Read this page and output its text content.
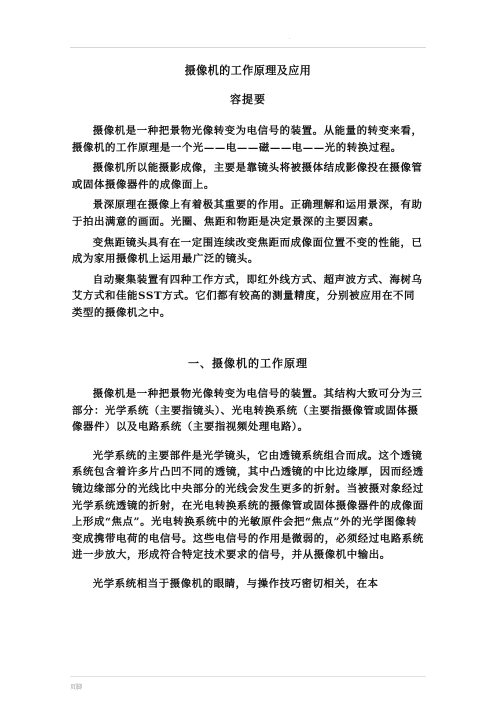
.
摄像机的工作原理及应用
容提要

摄像机是一种把景物光像转变为电信号的装置。从能量的转变来看，摄像机的工作原理是一个光——电——磁——电——光的转换过程。

摄像机所以能摄影成像，主要是靠镜头将被摄体结成影像投在摄像管或固体摄像器件的成像面上。

景深原理在摄像上有着极其重要的作用。正确理解和运用景深，有助于拍出满意的画面。光圈、焦距和物距是决定景深的主要因素。

变焦距镜头具有在一定围连续改变焦距而成像面位置不变的性能，已成为家用摄像机上运用最广泛的镜头。

自动聚集装置有四种工作方式，即红外线方式、超声波方式、海树乌艾方式和佳能SST方式。它们都有较高的测量精度，分别被应用在不同类型的摄像机之中。

一、摄像机的工作原理

摄像机是一种把景物光像转变为电信号的装置。其结构大致可分为三部分：光学系统（主要指镜头）、光电转换系统（主要指摄像管或固体摄像器件）以及电路系统（主要指视频处理电路）。

光学系统的主要部件是光学镜头，它由透镜系统组合而成。这个透镜系统包含着许多片凸凹不同的透镜，其中凸透镜的中比边缘厚，因而经透镜边缘部分的光线比中央部分的光线会发生更多的折射。当被摄对象经过光学系统透镜的折射，在光电转换系统的摄像管或固体摄像器件的成像面上形成“焦点”。光电转换系统中的光敏原件会把“焦点”外的光学图像转变成携带电荷的电信号。这些电信号的作用是微弱的，必须经过电路系统进一步放大，形成符合特定技术要求的信号，并从摄像机中输出。

光学系统相当于摄像机的眼睛，与操作技巧密切相关，在本

页脚
